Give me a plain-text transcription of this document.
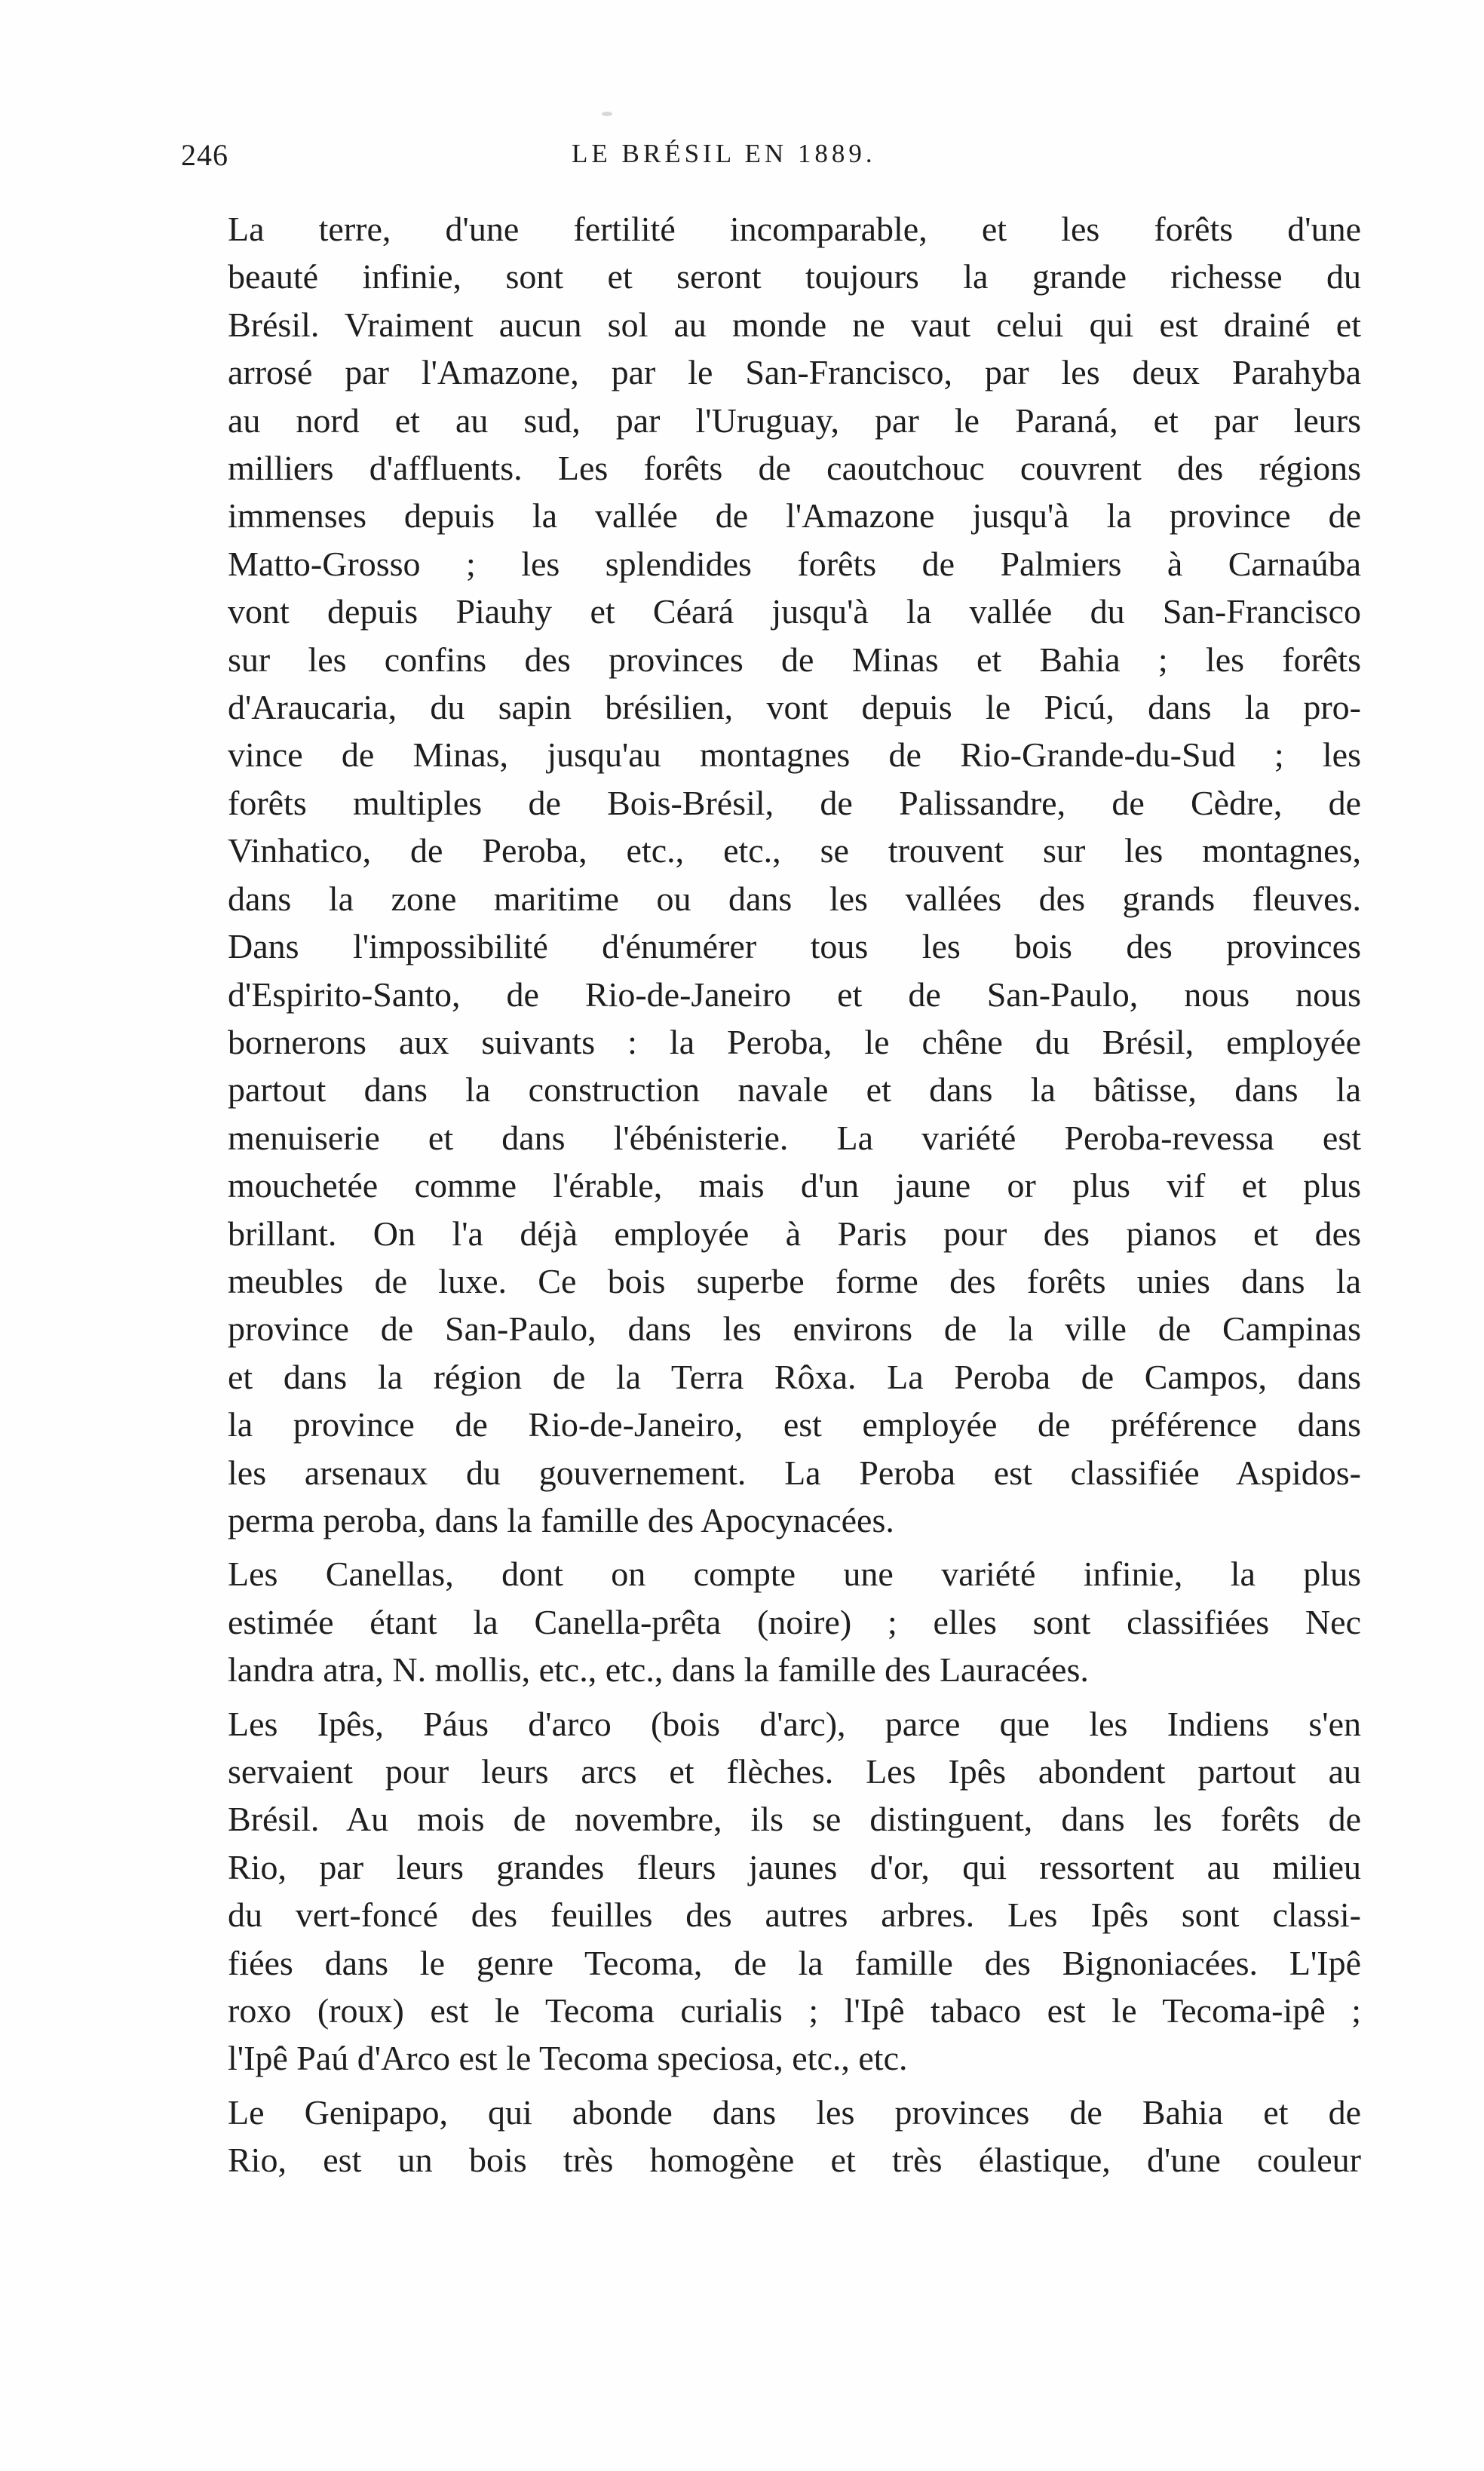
246	LE BRÉSIL EN 1889.

La terre, d'une fertilité incomparable, et les forêts d'une
beauté infinie, sont et seront toujours la grande richesse du
Brésil. Vraiment aucun sol au monde ne vaut celui qui est drainé et
arrosé par l'Amazone, par le San-Francisco, par les deux Parahyba
au nord et au sud, par l'Uruguay, par le Paraná, et par leurs
milliers d'affluents. Les forêts de caoutchouc couvrent des régions
immenses depuis la vallée de l'Amazone jusqu'à la province de
Matto-Grosso ; les splendides forêts de Palmiers à Carnaúba
vont depuis Piauhy et Céará jusqu'à la vallée du San-Francisco
sur les confins des provinces de Minas et Bahia ; les forêts
d'Araucaria, du sapin brésilien, vont depuis le Picú, dans la pro-
vince de Minas, jusqu'au montagnes de Rio-Grande-du-Sud ; les
forêts multiples de Bois-Brésil, de Palissandre, de Cèdre, de
Vinhatico, de Peroba, etc., etc., se trouvent sur les montagnes,
dans la zone maritime ou dans les vallées des grands fleuves.
Dans l'impossibilité d'énumérer tous les bois des provinces
d'Espirito-Santo, de Rio-de-Janeiro et de San-Paulo, nous nous
bornerons aux suivants : la Peroba, le chêne du Brésil, employée
partout dans la construction navale et dans la bâtisse, dans la
menuiserie et dans l'ébénisterie. La variété Peroba-revessa est
mouchetée comme l'érable, mais d'un jaune or plus vif et plus
brillant. On l'a déjà employée à Paris pour des pianos et des
meubles de luxe. Ce bois superbe forme des forêts unies dans la
province de San-Paulo, dans les environs de la ville de Campinas
et dans la région de la Terra Rôxa. La Peroba de Campos, dans
la province de Rio-de-Janeiro, est employée de préférence dans
les arsenaux du gouvernement. La Peroba est classifiée Aspidos-
perma peroba, dans la famille des Apocynacées.

Les Canellas, dont on compte une variété infinie, la plus
estimée étant la Canella-prêta (noire) ; elles sont classifiées Nec
landra atra, N. mollis, etc., etc., dans la famille des Lauracées.

Les Ipês, Páus d'arco (bois d'arc), parce que les Indiens s'en
servaient pour leurs arcs et flèches. Les Ipês abondent partout au
Brésil. Au mois de novembre, ils se distinguent, dans les forêts de
Rio, par leurs grandes fleurs jaunes d'or, qui ressortent au milieu
du vert-foncé des feuilles des autres arbres. Les Ipês sont classi-
fiées dans le genre Tecoma, de la famille des Bignoniacées. L'Ipê
roxo (roux) est le Tecoma curialis ; l'Ipê tabaco est le Tecoma-ipê ;
l'Ipê Paú d'Arco est le Tecoma speciosa, etc., etc.

Le Genipapo, qui abonde dans les provinces de Bahia et de
Rio, est un bois très homogène et très élastique, d'une couleur
